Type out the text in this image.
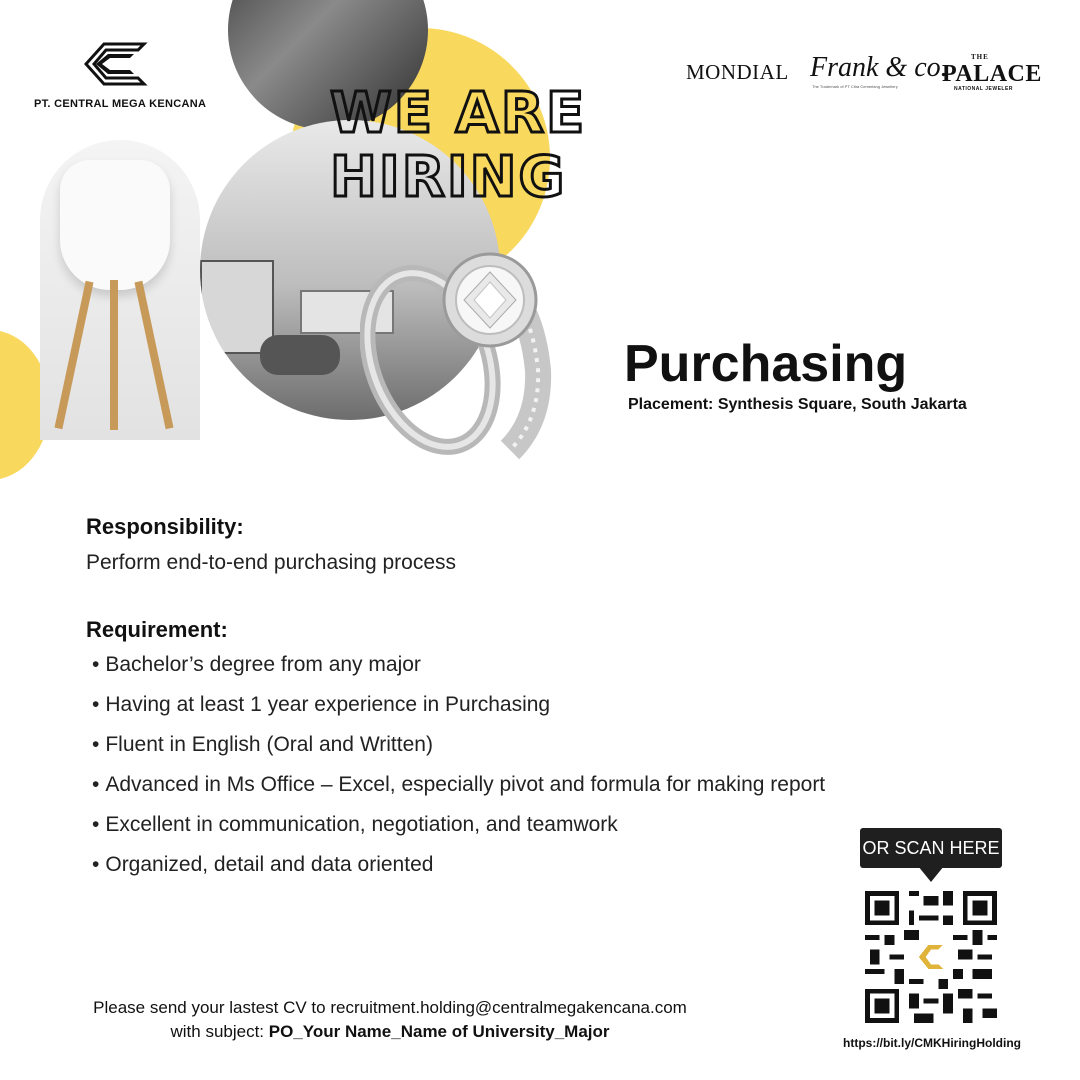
WE ARE
HIRING
PT. CENTRAL MEGA KENCANA
MONDIAL Frank & co.
The Trademark of PT Citra Cemerlang Jewellery
THE
PALACE
NATIONAL JEWELER
Purchasing
Placement: Synthesis Square, South Jakarta
Responsibility:
Perform end-to-end purchasing process
Requirement:
• Bachelor’s degree from any major
• Having at least 1 year experience in Purchasing
• Fluent in English (Oral and Written)
• Advanced in Ms Office – Excel, especially pivot and formula for making report
• Excellent in communication, negotiation, and teamwork
• Organized, detail and data oriented
Please send your lastest CV to recruitment.holding@centralmegakencana.com
with subject: PO_Your Name_Name of University_Major
OR SCAN HERE
https://bit.ly/CMKHiringHolding
